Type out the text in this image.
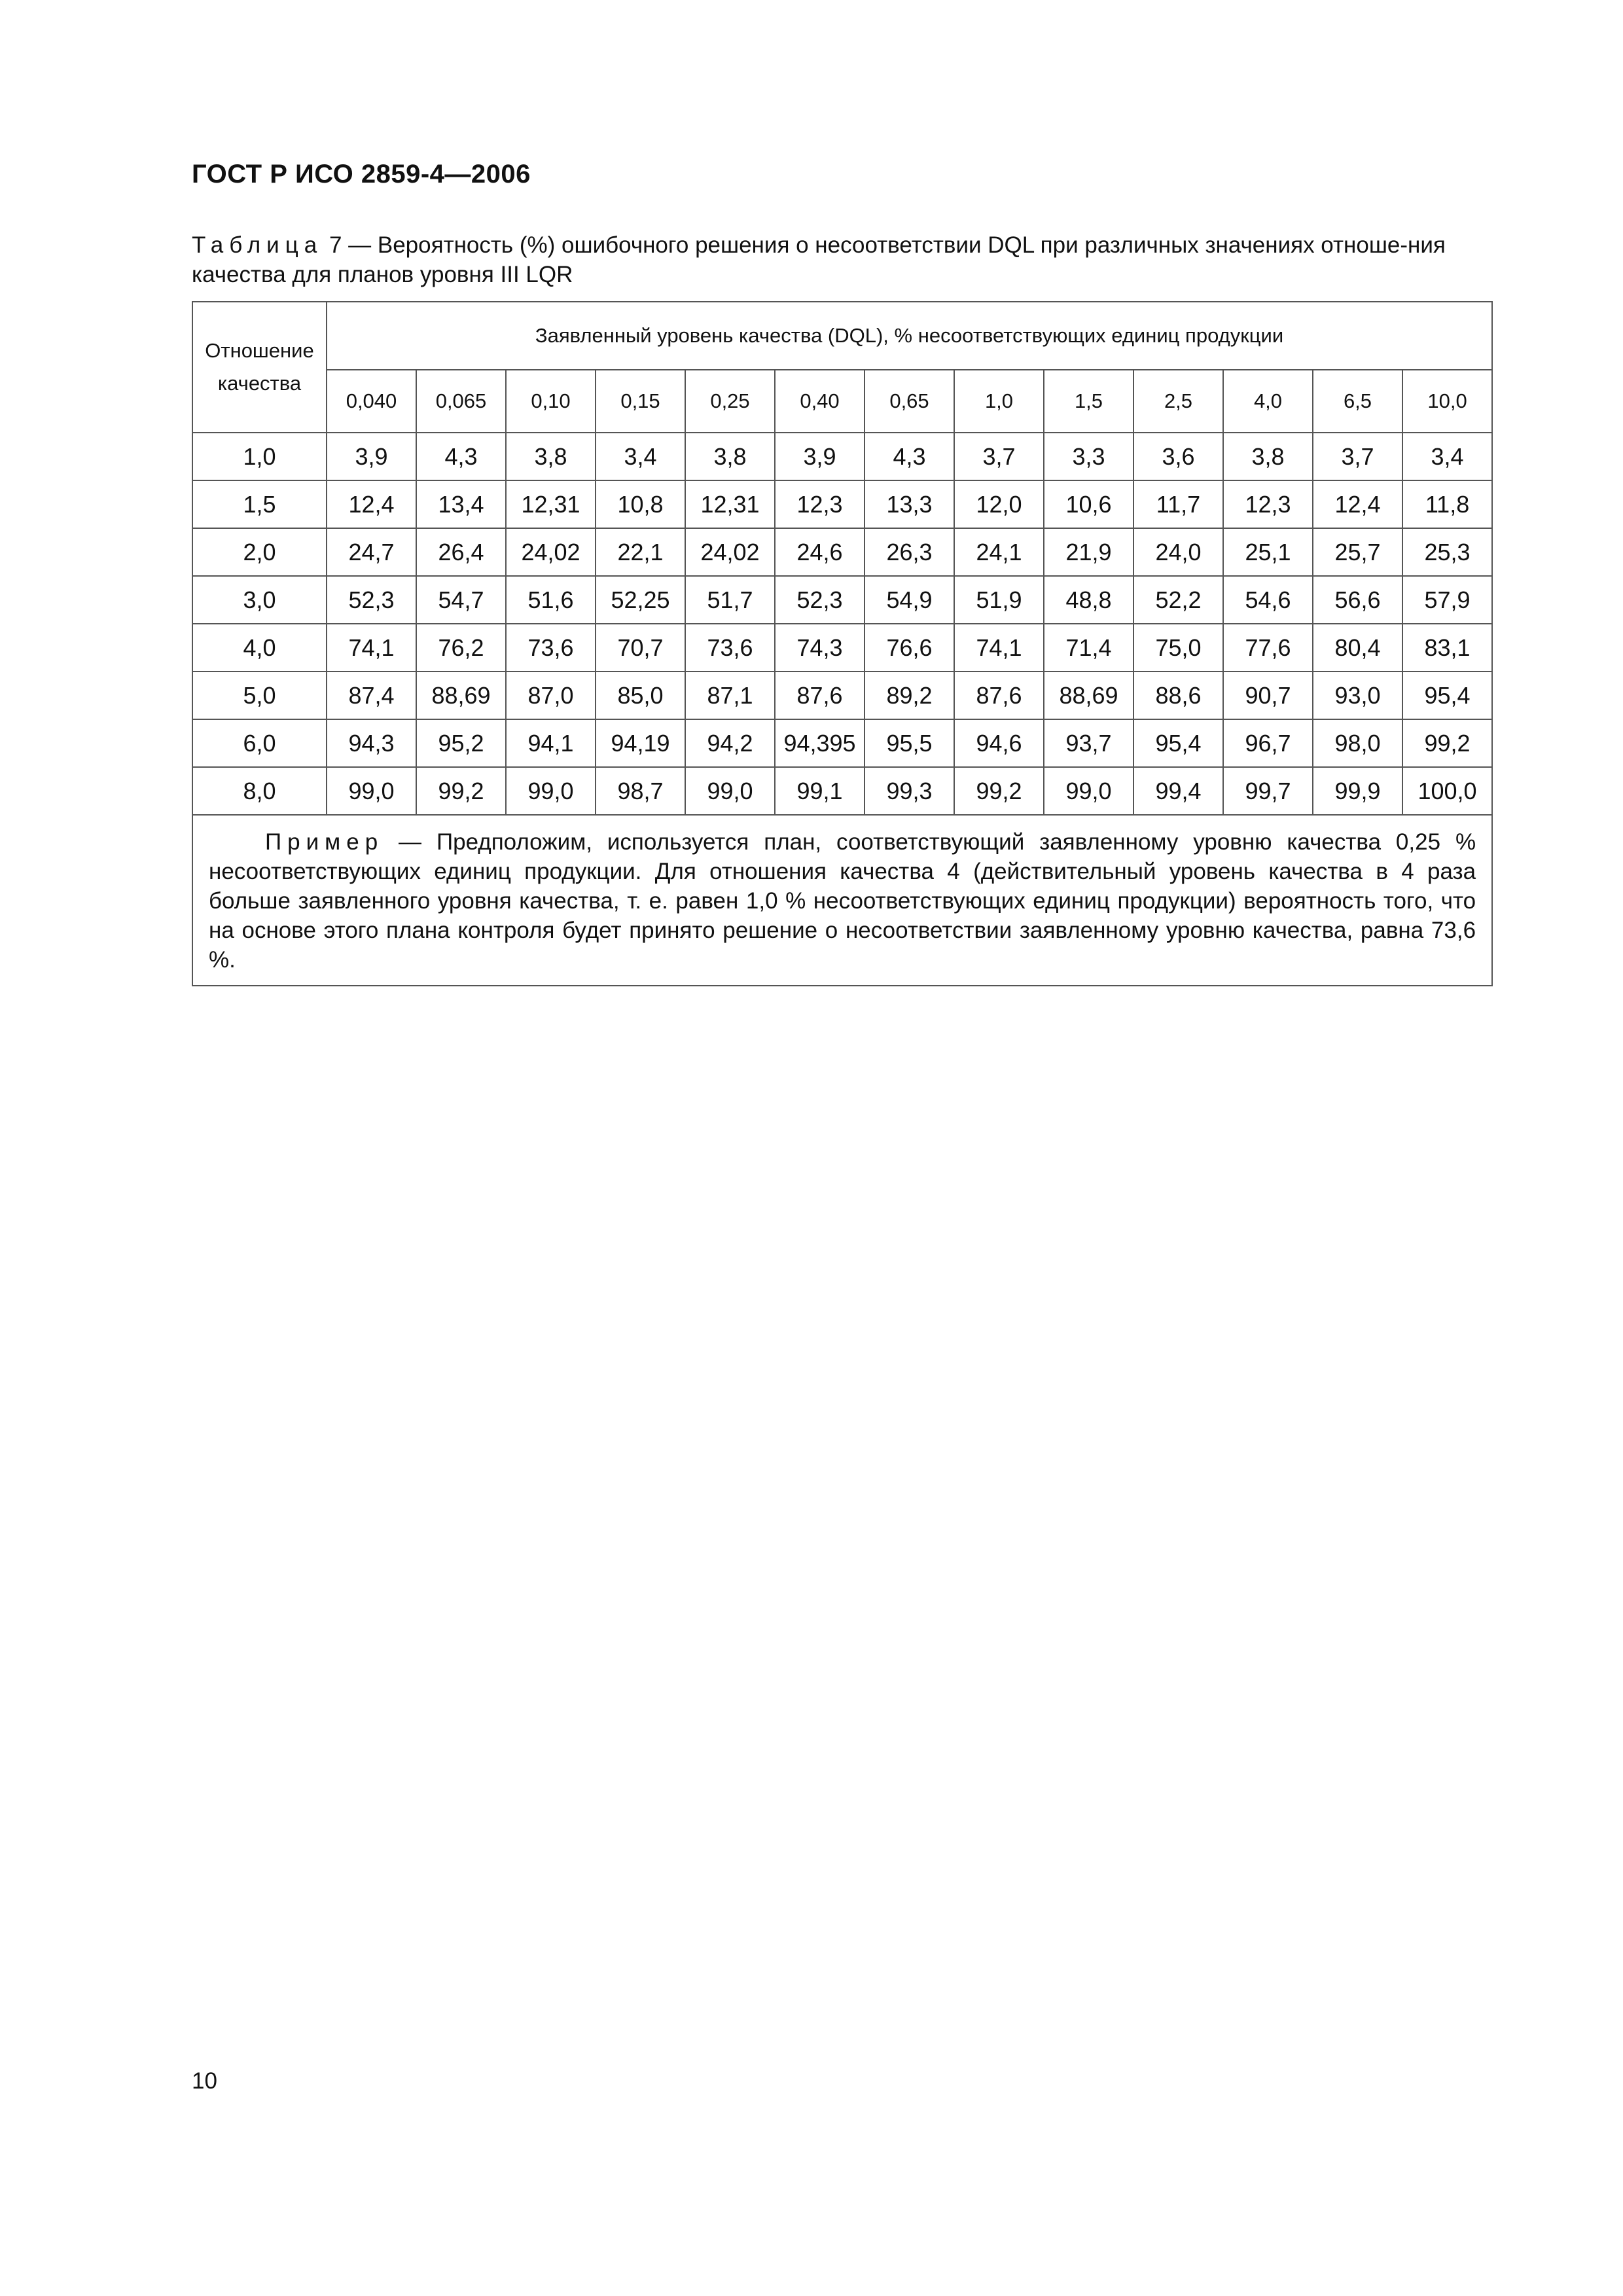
ГОСТ Р ИСО 2859-4—2006
Таблица 7 — Вероятность (%) ошибочного решения о несоответствии DQL при различных значениях отноше-ния качества для планов уровня III LQR
Отношение качества	Заявленный уровень качества (DQL), % несоответствующих единиц продукции												
	0,040	0,065	0,10	0,15	0,25	0,40	0,65	1,0	1,5	2,5	4,0	6,5	10,0
1,0	3,9	4,3	3,8	3,4	3,8	3,9	4,3	3,7	3,3	3,6	3,8	3,7	3,4
1,5	12,4	13,4	12,31	10,8	12,31	12,3	13,3	12,0	10,6	11,7	12,3	12,4	11,8
2,0	24,7	26,4	24,02	22,1	24,02	24,6	26,3	24,1	21,9	24,0	25,1	25,7	25,3
3,0	52,3	54,7	51,6	52,25	51,7	52,3	54,9	51,9	48,8	52,2	54,6	56,6	57,9
4,0	74,1	76,2	73,6	70,7	73,6	74,3	76,6	74,1	71,4	75,0	77,6	80,4	83,1
5,0	87,4	88,69	87,0	85,0	87,1	87,6	89,2	87,6	88,69	88,6	90,7	93,0	95,4
6,0	94,3	95,2	94,1	94,19	94,2	94,395	95,5	94,6	93,7	95,4	96,7	98,0	99,2
8,0	99,0	99,2	99,0	98,7	99,0	99,1	99,3	99,2	99,0	99,4	99,7	99,9	100,0
Пример — Предположим, используется план, соответствующий заявленному уровню качества 0,25 % несоответствующих единиц продукции. Для отношения качества 4 (действительный уровень качества в 4 раза больше заявленного уровня качества, т. е. равен 1,0 % несоответствующих единиц продукции) вероятность того, что на основе этого плана контроля будет принято решение о несоответствии заявленному уровню качества, равна 73,6 %.													
10
